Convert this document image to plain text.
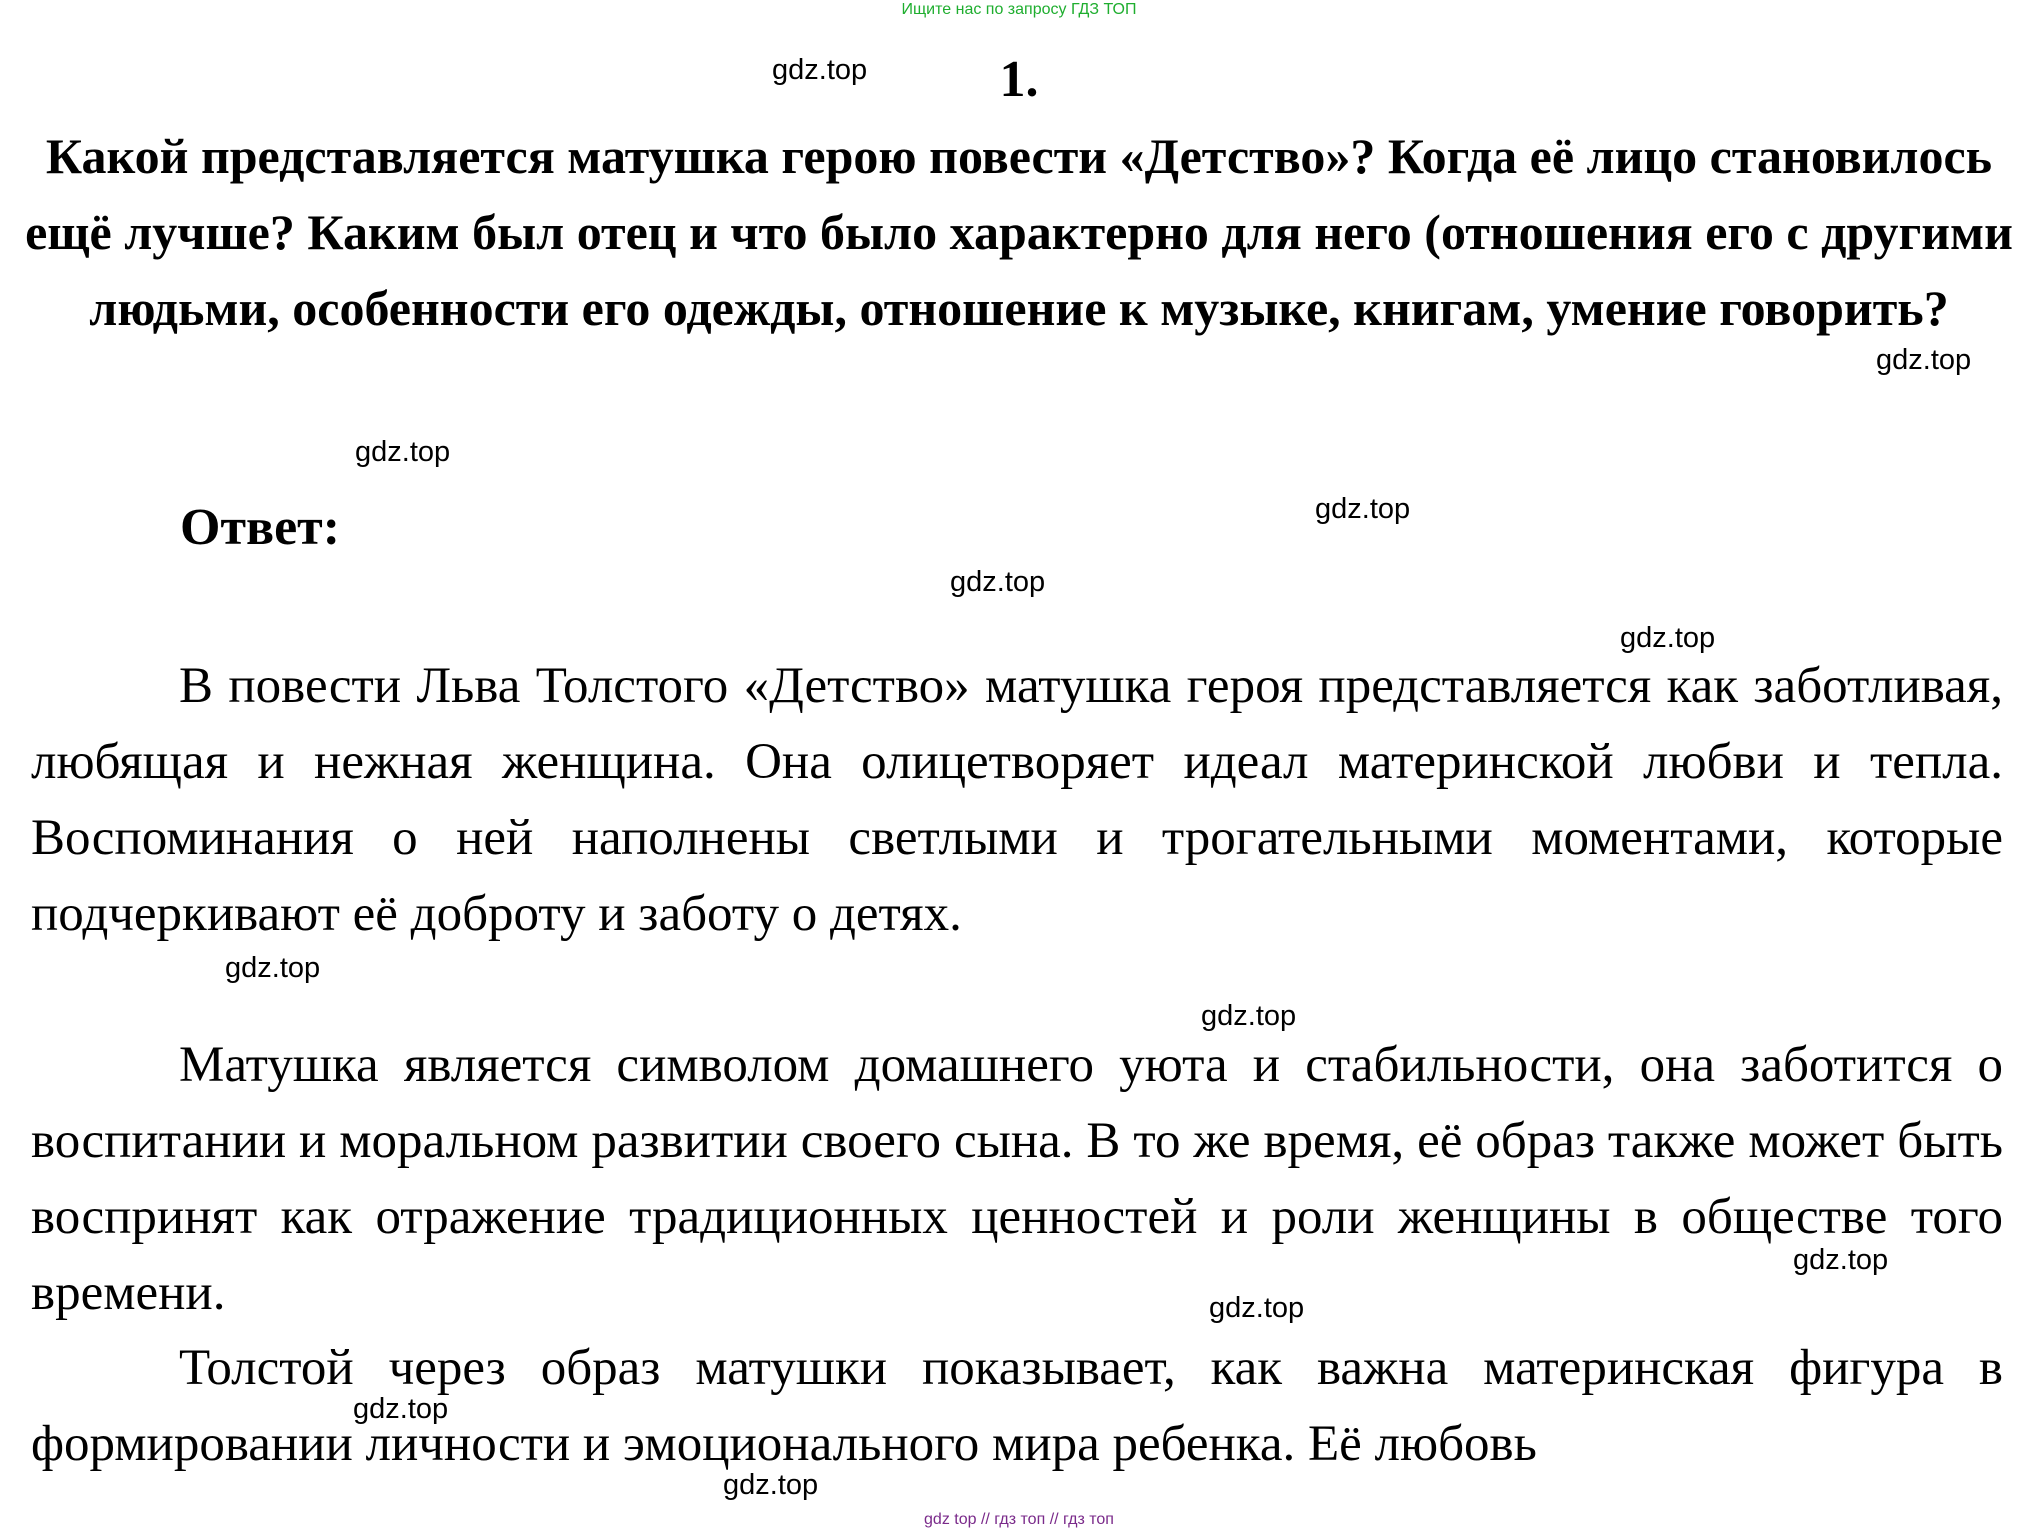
Ищите нас по запросу ГДЗ ТОП
1.

Какой представляется матушка герою повести «Детство»? Когда её лицо становилось ещё лучше? Каким был отец и что было характерно для него (отношения его с другими людьми, особенности его одежды, отношение к музыке, книгам, умение говорить?

Ответ:

В повести Льва Толстого «Детство» матушка героя представляется как заботливая, любящая и нежная женщина. Она олицетворяет идеал материнской любви и тепла. Воспоминания о ней наполнены светлыми и трогательными моментами, которые подчеркивают её доброту и заботу о детях.

Матушка является символом домашнего уюта и стабильности, она заботится о воспитании и моральном развитии своего сына. В то же время, её образ также может быть воспринят как отражение традиционных ценностей и роли женщины в обществе того времени.

Толстой через образ матушки показывает, как важна материнская фигура в формировании личности и эмоционального мира ребенка. Её любовь

gdz.top
gdz.top
gdz.top
gdz.top
gdz.top
gdz.top
gdz.top
gdz.top
gdz.top
gdz.top
gdz.top
gdz.top
gdz top // гдз топ // гдз топ
